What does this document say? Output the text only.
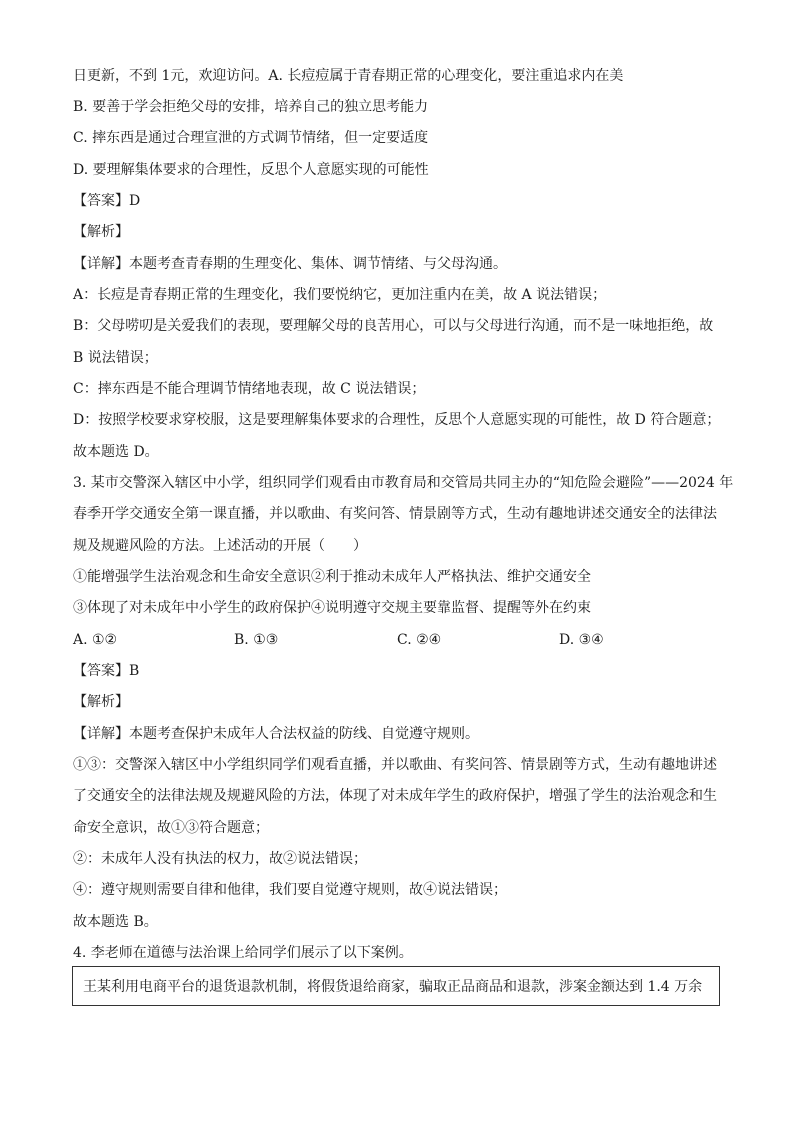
日更新，不到 1元，欢迎访问。A. 长痘痘属于青春期正常的心理变化，要注重追求内在美
B. 要善于学会拒绝父母的安排，培养自己的独立思考能力
C. 摔东西是通过合理宣泄的方式调节情绪，但一定要适度
D. 要理解集体要求的合理性，反思个人意愿实现的可能性
【答案】D
【解析】
【详解】本题考查青春期的生理变化、集体、调节情绪、与父母沟通。
A：长痘是青春期正常的生理变化，我们要悦纳它，更加注重内在美，故 A 说法错误；
B：父母唠叨是关爱我们的表现，要理解父母的良苦用心，可以与父母进行沟通，而不是一味地拒绝，故
B 说法错误；
C：摔东西是不能合理调节情绪地表现，故 C 说法错误；
D：按照学校要求穿校服，这是要理解集体要求的合理性，反思个人意愿实现的可能性，故 D 符合题意；
故本题选 D。
3. 某市交警深入辖区中小学，组织同学们观看由市教育局和交管局共同主办的“知危险会避险”——2024 年
春季开学交通安全第一课直播，并以歌曲、有奖问答、情景剧等方式，生动有趣地讲述交通安全的法律法
规及规避风险的方法。上述活动的开展（　　）
①能增强学生法治观念和生命安全意识②利于推动未成年人严格执法、维护交通安全
③体现了对未成年中小学生的政府保护④说明遵守交规主要靠监督、提醒等外在约束
A. ①②	B. ①③	C. ②④	D. ③④
【答案】B
【解析】
【详解】本题考查保护未成年人合法权益的防线、自觉遵守规则。
①③：交警深入辖区中小学组织同学们观看直播，并以歌曲、有奖问答、情景剧等方式，生动有趣地讲述
了交通安全的法律法规及规避风险的方法，体现了对未成年学生的政府保护，增强了学生的法治观念和生
命安全意识，故①③符合题意；
②：未成年人没有执法的权力，故②说法错误；
④：遵守规则需要自律和他律，我们要自觉遵守规则，故④说法错误；
故本题选 B。
4. 李老师在道德与法治课上给同学们展示了以下案例。
王某利用电商平台的退货退款机制，将假货退给商家，骗取正品商品和退款，涉案金额达到 1.4 万余
